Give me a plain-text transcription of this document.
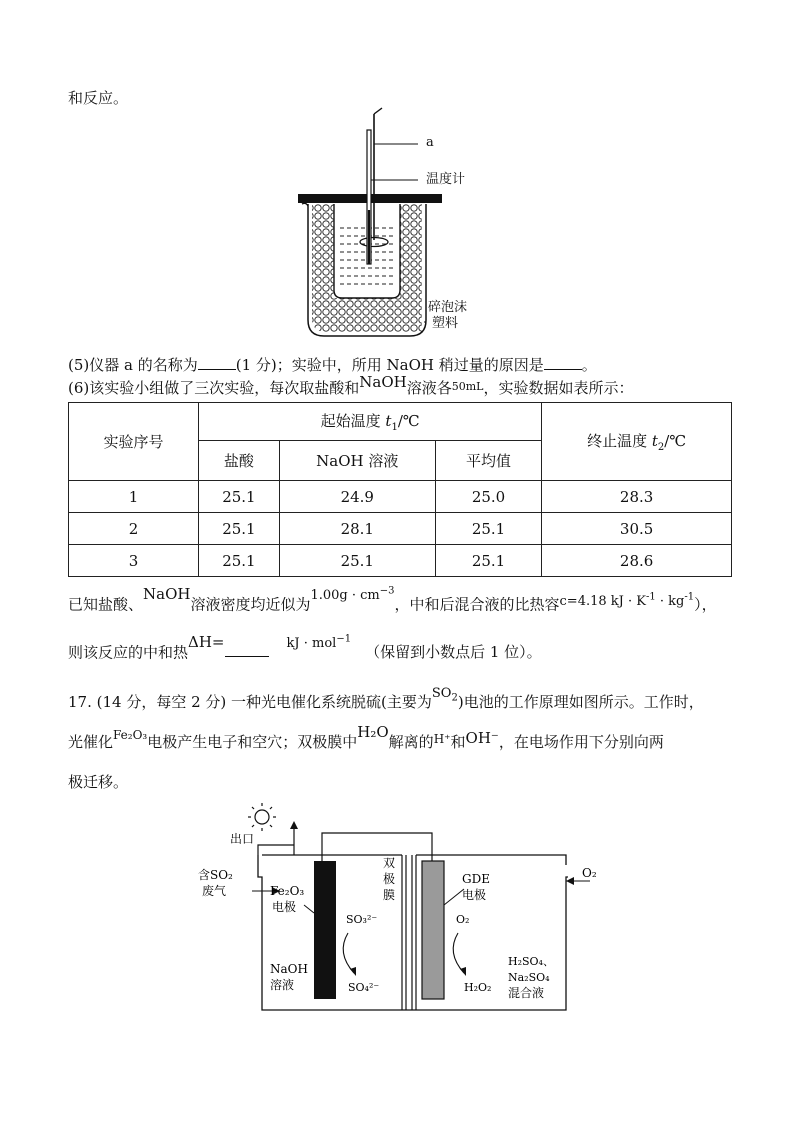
和反应。
a
温度计
碎泡沫
塑料
(5)仪器 a 的名称为	(1 分)；实验中，所用 NaOH 稍过量的原因是	。
(6)该实验小组做了三次实验，每次取盐酸和NaOH溶液各$^{50mL}$，实验数据如表所示：
实验序号	起始温度 $t_1/℃$			终止温度 $t_2/℃$
	盐酸	NaOH 溶液	平均值	
1	25.1	24.9	25.0	28.3
2	25.1	28.1	25.1	30.5
3	25.1	25.1	25.1	28.6
已知盐酸、NaOH溶液密度均近似为$1.00g \cdot cm^{-3}$，中和后混合液的比热容c=4.18 kJ · $K^{-1} \cdot kg^{-1}$），
则该反应的中和热ΔH=	kJ · mol$^{-1}$（保留到小数点后 1 位）。
17. (14 分，每空 2 分) 一种光电催化系统脱硫(主要为$SO_2$)电池的工作原理如图所示。工作时，
光催化$^{Fe_2O_3}$电极产生电子和空穴；双极膜中H₂O解离的$^{H^+}$和OH⁻，在电场作用下分别向两
极迁移。
出口
含SO₂
废气	Fe₂O₃
电极
SO₃²⁻
SO₄²⁻
NaOH
溶液
双
极
膜
GDE
电极
O₂
H₂O₂
H₂SO₄、
Na₂SO₄
混合液
O₂
